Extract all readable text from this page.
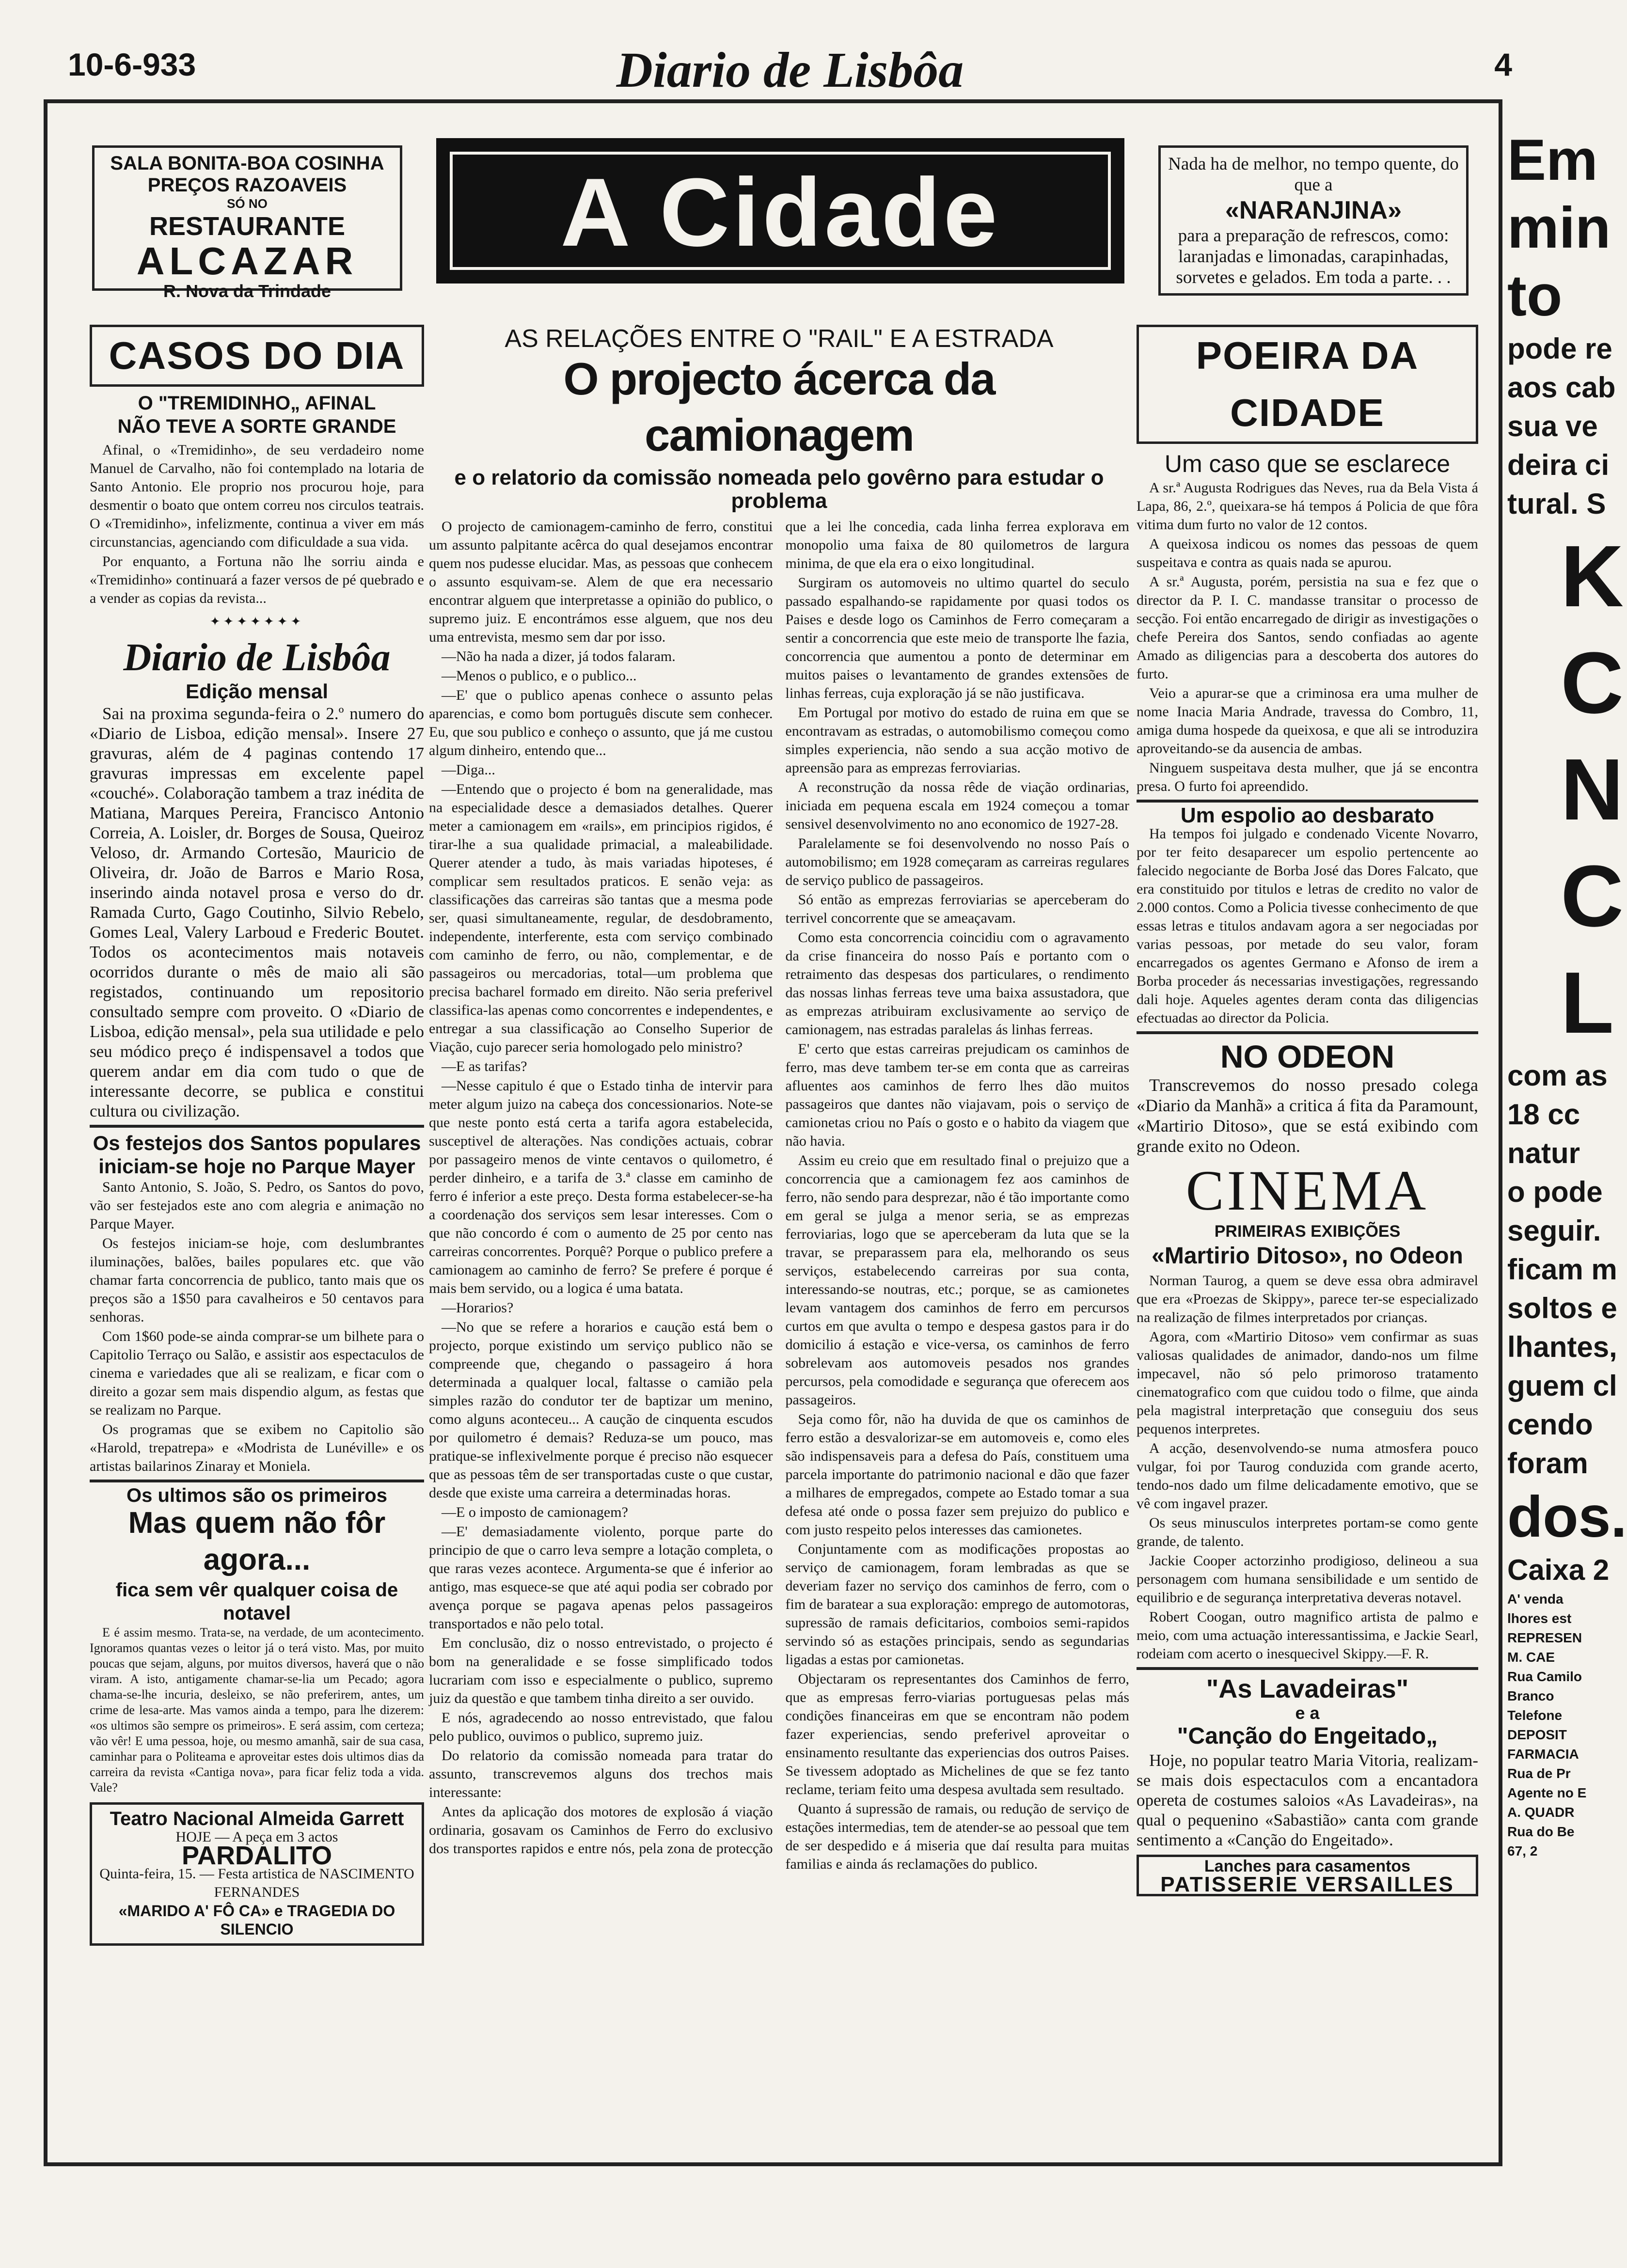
10-6-933	Diario de Lisbôa	4
SALA BONITA-BOA COSINHA
PREÇOS RAZOAVEIS
SÓ NO
RESTAURANTE
ALCAZAR
R. Nova da Trindade
A Cidade	Nada ha de melhor, no tempo quente, do que a
«NARANJINA»
para a preparação de refrescos, como: laranjadas e limonadas, carapinhadas, sorvetes e gelados. Em toda a parte. . .
CASOS DO DIA
O "TREMIDINHO„ AFINAL
NÃO TEVE A SORTE GRANDE

Afinal, o «Tremidinho», de seu verdadeiro nome Manuel de Carvalho, não foi contemplado na lotaria de Santo Antonio. Ele proprio nos procurou hoje, para desmentir o boato que ontem correu nos circulos teatrais. O «Tremidinho», infelizmente, continua a viver em más circunstancias, agenciando com dificuldade a sua vida.

Por enquanto, a Fortuna não lhe sorriu ainda e «Tremidinho» continuará a fazer versos de pé quebrado e a vender as copias da revista...

✦✦✦✦✦✦✦
Diario de Lisbôa
Edição mensal

Sai na proxima segunda-feira o 2.º numero do «Diario de Lisboa, edição mensal». Insere 27 gravuras, além de 4 paginas contendo 17 gravuras impressas em excelente papel «couché». Colaboração tambem a traz inédita de Matiana, Marques Pereira, Francisco Antonio Correia, A. Loisler, dr. Borges de Sousa, Queiroz Veloso, dr. Armando Cortesão, Mauricio de Oliveira, dr. João de Barros e Mario Rosa, inserindo ainda notavel prosa e verso do dr. Ramada Curto, Gago Coutinho, Silvio Rebelo, Gomes Leal, Valery Larboud e Frederic Boutet. Todos os acontecimentos mais notaveis ocorridos durante o mês de maio ali são registados, continuando um repositorio consultado sempre com proveito. O «Diario de Lisboa, edição mensal», pela sua utilidade e pelo seu módico preço é indispensavel a todos que querem andar em dia com tudo o que de interessante decorre, se publica e constitui cultura ou civilização.

Os festejos dos Santos populares iniciam-se hoje no Parque Mayer

Santo Antonio, S. João, S. Pedro, os Santos do povo, vão ser festejados este ano com alegria e animação no Parque Mayer.

Os festejos iniciam-se hoje, com deslumbrantes iluminações, balões, bailes populares etc. que vão chamar farta concorrencia de publico, tanto mais que os preços são a 1$50 para cavalheiros e 50 centavos para senhoras.

Com 1$60 pode-se ainda comprar-se um bilhete para o Capitolio Terraço ou Salão, e assistir aos espectaculos de cinema e variedades que ali se realizam, e ficar com o direito a gozar sem mais dispendio algum, as festas que se realizam no Parque.

Os programas que se exibem no Capitolio são «Harold, trepatrepa» e «Modrista de Lunéville» e os artistas bailarinos Zinaray et Moniela.

Os ultimos são os primeiros
Mas quem não fôr agora...
fica sem vêr qualquer coisa de notavel

E é assim mesmo. Trata-se, na verdade, de um acontecimento. Ignoramos quantas vezes o leitor já o terá visto. Mas, por muito poucas que sejam, alguns, por muitos diversos, haverá que o não viram. A isto, antigamente chamar-se-lia um Pecado; agora chama-se-lhe incuria, desleixo, se não preferirem, antes, um crime de lesa-arte. Mas vamos ainda a tempo, para lhe dizerem: «os ultimos são sempre os primeiros». E será assim, com certeza; vão vêr! E uma pessoa, hoje, ou mesmo amanhã, sair de sua casa, caminhar para o Politeama e aproveitar estes dois ultimos dias da carreira da revista «Cantiga nova», para ficar feliz toda a vida. Vale?

Teatro Nacional Almeida Garrett
HOJE — A peça em 3 actos
PARDALITO
Quinta-feira, 15. — Festa artistica de NASCIMENTO FERNANDES
«MARIDO A' FÔ CA» e TRAGEDIA DO SILENCIO
AS RELAÇÕES ENTRE O "RAIL" E A ESTRADA
O projecto ácerca da camionagem
e o relatorio da comissão nomeada pelo govêrno para estudar o problema

O projecto de camionagem-caminho de ferro, constitui um assunto palpitante acêrca do qual desejamos encontrar quem nos pudesse elucidar. Mas, as pessoas que conhecem o assunto esquivam-se. Alem de que era necessario encontrar alguem que interpretasse a opinião do publico, o supremo juiz. E encontrámos esse alguem, que nos deu uma entrevista, mesmo sem dar por isso.

—Não ha nada a dizer, já todos falaram.

—Menos o publico, e o publico...

—E' que o publico apenas conhece o assunto pelas aparencias, e como bom português discute sem conhecer. Eu, que sou publico e conheço o assunto, que já me custou algum dinheiro, entendo que...

—Diga...

—Entendo que o projecto é bom na generalidade, mas na especialidade desce a demasiados detalhes. Querer meter a camionagem em «rails», em principios rigidos, é tirar-lhe a sua qualidade primacial, a maleabilidade. Querer atender a tudo, às mais variadas hipoteses, é complicar sem resultados praticos. E senão veja: as classificações das carreiras são tantas que a mesma pode ser, quasi simultaneamente, regular, de desdobramento, independente, interferente, esta com serviço combinado com caminho de ferro, ou não, complementar, e de passageiros ou mercadorias, total—um problema que precisa bacharel formado em direito. Não seria preferivel classifica-las apenas como concorrentes e independentes, e entregar a sua classificação ao Conselho Superior de Viação, cujo parecer seria homologado pelo ministro?

—E as tarifas?

—Nesse capitulo é que o Estado tinha de intervir para meter algum juizo na cabeça dos concessionarios. Note-se que neste ponto está certa a tarifa agora estabelecida, susceptivel de alterações. Nas condições actuais, cobrar por passageiro menos de vinte centavos o quilometro, é perder dinheiro, e a tarifa de 3.ª classe em caminho de ferro é inferior a este preço. Desta forma estabelecer-se-ha a coordenação dos serviços sem lesar interesses. Com o que não concordo é com o aumento de 25 por cento nas carreiras concorrentes. Porquê? Porque o publico prefere a camionagem ao caminho de ferro? Se prefere é porque é mais bem servido, ou a logica é uma batata.

—Horarios?

—No que se refere a horarios e caução está bem o projecto, porque existindo um serviço publico não se compreende que, chegando o passageiro á hora determinada a qualquer local, faltasse o camião pela simples razão do condutor ter de baptizar um menino, como alguns aconteceu... A caução de cinquenta escudos por quilometro é demais? Reduza-se um pouco, mas pratique-se inflexivelmente porque é preciso não esquecer que as pessoas têm de ser transportadas custe o que custar, desde que existe uma carreira a determinadas horas.

—E o imposto de camionagem?

—E' demasiadamente violento, porque parte do principio de que o carro leva sempre a lotação completa, o que raras vezes acontece. Argumenta-se que é inferior ao antigo, mas esquece-se que até aqui podia ser cobrado por avença porque se pagava apenas pelos passageiros transportados e não pelo total.

Em conclusão, diz o nosso entrevistado, o projecto é bom na generalidade e se fosse simplificado todos lucrariam com isso e especialmente o publico, supremo juiz da questão e que tambem tinha direito a ser ouvido.

E nós, agradecendo ao nosso entrevistado, que falou pelo publico, ouvimos o publico, supremo juiz.

Do relatorio da comissão nomeada para tratar do assunto, transcrevemos alguns dos trechos mais interessante:

Antes da aplicação dos motores de explosão á viação ordinaria, gosavam os Caminhos de Ferro do exclusivo dos transportes rapidos e entre nós, pela zona de protecção que a lei lhe concedia, cada linha ferrea explorava em monopolio uma faixa de 80 quilometros de largura minima, de que ela era o eixo longitudinal.

Surgiram os automoveis no ultimo quartel do seculo passado espalhando-se rapidamente por quasi todos os Paises e desde logo os Caminhos de Ferro começaram a sentir a concorrencia que este meio de transporte lhe fazia, concorrencia que aumentou a ponto de determinar em muitos paises o levantamento de grandes extensões de linhas ferreas, cuja exploração já se não justificava.

Em Portugal por motivo do estado de ruina em que se encontravam as estradas, o automobilismo começou como simples experiencia, não sendo a sua acção motivo de apreensão para as emprezas ferroviarias.

A reconstrução da nossa rêde de viação ordinarias, iniciada em pequena escala em 1924 começou a tomar sensivel desenvolvimento no ano economico de 1927-28.

Paralelamente se foi desenvolvendo no nosso País o automobilismo; em 1928 começaram as carreiras regulares de serviço publico de passageiros.

Só então as emprezas ferroviarias se aperceberam do terrivel concorrente que se ameaçavam.

Como esta concorrencia coincidiu com o agravamento da crise financeira do nosso País e portanto com o retraimento das despesas dos particulares, o rendimento das nossas linhas ferreas teve uma baixa assustadora, que as emprezas atribuiram exclusivamente ao serviço de camionagem, nas estradas paralelas ás linhas ferreas.

E' certo que estas carreiras prejudicam os caminhos de ferro, mas deve tambem ter-se em conta que as carreiras afluentes aos caminhos de ferro lhes dão muitos passageiros que dantes não viajavam, pois o serviço de camionetas criou no País o gosto e o habito da viagem que não havia.

Assim eu creio que em resultado final o prejuizo que a concorrencia que a camionagem fez aos caminhos de ferro, não sendo para desprezar, não é tão importante como em geral se julga a menor seria, se as emprezas ferroviarias, logo que se aperceberam da luta que se la travar, se preparassem para ela, melhorando os seus serviços, estabelecendo carreiras por sua conta, interessando-se noutras, etc.; porque, se as camionetes levam vantagem dos caminhos de ferro em percursos curtos em que avulta o tempo e despesa gastos para ir do domicilio á estação e vice-versa, os caminhos de ferro sobrelevam aos automoveis pesados nos grandes percursos, pela comodidade e segurança que oferecem aos passageiros.

Seja como fôr, não ha duvida de que os caminhos de ferro estão a desvalorizar-se em automoveis e, como eles são indispensaveis para a defesa do País, constituem uma parcela importante do patrimonio nacional e dão que fazer a milhares de empregados, compete ao Estado tomar a sua defesa até onde o possa fazer sem prejuizo do publico e com justo respeito pelos interesses das camionetes.

Conjuntamente com as modificações propostas ao serviço de camionagem, foram lembradas as que se deveriam fazer no serviço dos caminhos de ferro, com o fim de baratear a sua exploração: emprego de automotoras, supressão de ramais deficitarios, comboios semi-rapidos servindo só as estações principais, sendo as segundarias ligadas a estas por camionetas.

Objectaram os representantes dos Caminhos de ferro, que as empresas ferro-viarias portuguesas pelas más condições financeiras em que se encontram não podem fazer experiencias, sendo preferivel aproveitar o ensinamento resultante das experiencias dos outros Paises. Se tivessem adoptado as Michelines de que se fez tanto reclame, teriam feito uma despesa avultada sem resultado.

Quanto á supressão de ramais, ou redução de serviço de estações intermedias, tem de atender-se ao pessoal que tem de ser despedido e á miseria que daí resulta para muitas familias e ainda ás reclamações do publico.

POEIRA DA CIDADE
Um caso que se esclarece

A sr.ª Augusta Rodrigues das Neves, rua da Bela Vista á Lapa, 86, 2.º, queixara-se há tempos á Policia de que fôra vitima dum furto no valor de 12 contos.

A queixosa indicou os nomes das pessoas de quem suspeitava e contra as quais nada se apurou.

A sr.ª Augusta, porém, persistia na sua e fez que o director da P. I. C. mandasse transitar o processo de secção. Foi então encarregado de dirigir as investigações o chefe Pereira dos Santos, sendo confiadas ao agente Amado as diligencias para a descoberta dos autores do furto.

Veio a apurar-se que a criminosa era uma mulher de nome Inacia Maria Andrade, travessa do Combro, 11, amiga duma hospede da queixosa, e que ali se introduzira aproveitando-se da ausencia de ambas.

Ninguem suspeitava desta mulher, que já se encontra presa. O furto foi apreendido.

Um espolio ao desbarato

Ha tempos foi julgado e condenado Vicente Novarro, por ter feito desaparecer um espolio pertencente ao falecido negociante de Borba José das Dores Falcato, que era constituido por titulos e letras de credito no valor de 2.000 contos. Como a Policia tivesse conhecimento de que essas letras e titulos andavam agora a ser negociadas por varias pessoas, por metade do seu valor, foram encarregados os agentes Germano e Afonso de irem a Borba proceder ás necessarias investigações, regressando dali hoje. Aqueles agentes deram conta das diligencias efectuadas ao director da Policia.

NO ODEON

Transcrevemos do nosso presado colega «Diario da Manhã» a critica á fita da Paramount, «Martirio Ditoso», que se está exibindo com grande exito no Odeon.

CINEMA
PRIMEIRAS EXIBIÇÕES
«Martirio Ditoso», no Odeon

Norman Taurog, a quem se deve essa obra admiravel que era «Proezas de Skippy», parece ter-se especializado na realização de filmes interpretados por crianças.

Agora, com «Martirio Ditoso» vem confirmar as suas valiosas qualidades de animador, dando-nos um filme impecavel, não só pelo primoroso tratamento cinematografico com que cuidou todo o filme, que ainda pela magistral interpretação que conseguiu dos seus pequenos interpretes.

A acção, desenvolvendo-se numa atmosfera pouco vulgar, foi por Taurog conduzida com grande acerto, tendo-nos dado um filme delicadamente emotivo, que se vê com ingavel prazer.

Os seus minusculos interpretes portam-se como gente grande, de talento.

Jackie Cooper actorzinho prodigioso, delineou a sua personagem com humana sensibilidade e um sentido de equilibrio e de segurança interpretativa deveras notavel.

Robert Coogan, outro magnifico artista de palmo e meio, com uma actuação interessantissima, e Jackie Searl, rodeiam com acerto o inesquecivel Skippy.—F. R.

"As Lavadeiras"
e a
"Canção do Engeitado„

Hoje, no popular teatro Maria Vitoria, realizam-se mais dois espectaculos com a encantadora opereta de costumes saloios «As Lavadeiras», na qual o pequenino «Sabastião» canta com grande sentimento a «Canção do Engeitado».

Lanches para casamentos
PATISSERIE VERSAILLES
Em
min
to
pode re
aos cab
sua ve
deira ci
tural. S
K
C
N
C
L
com as
18 cc
natur
o pode
seguir.
ficam m
soltos e
lhantes,
guem cl
cendo
foram
dos.
Caixa 2
A' venda
lhores est
REPRESEN
M. CAE
Rua Camilo
Branco
Telefone
DEPOSIT
FARMACIA
Rua de Pr
Agente no E
A. QUADR
Rua do Be
67, 2
